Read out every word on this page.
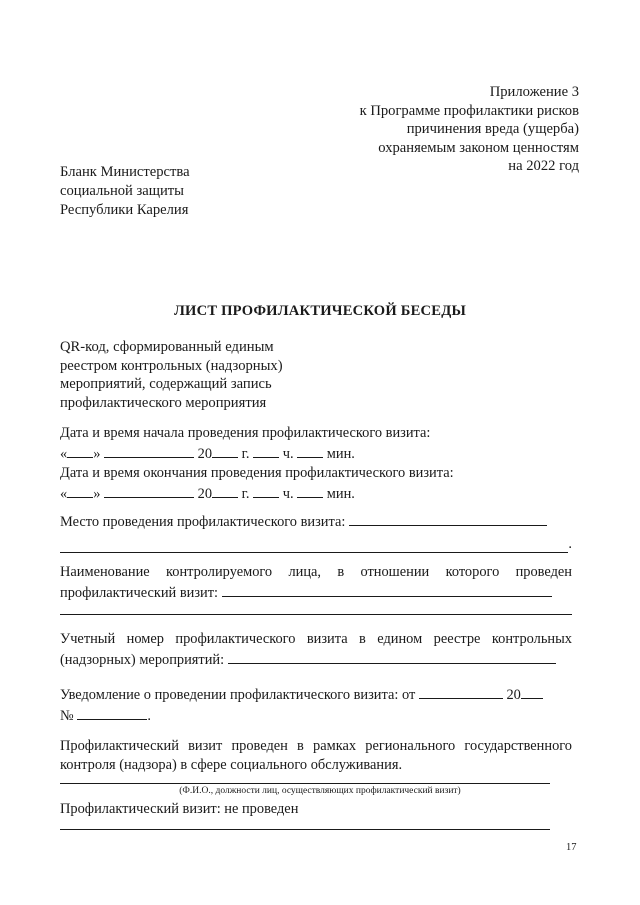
Приложение 3
к Программе профилактики рисков
причинения вреда (ущерба)
охраняемым законом ценностям
на 2022 год
Бланк Министерства
социальной защиты
Республики Карелия
ЛИСТ ПРОФИЛАКТИЧЕСКОЙ БЕСЕДЫ
QR-код, сформированный единым
реестром контрольных (надзорных)
мероприятий, содержащий запись
профилактического мероприятия
Дата и время начала проведения профилактического визита:
« »	20 г. ч. мин.
Дата и время окончания проведения профилактического визита:
« »	20 г. ч. мин.
Место проведения профилактического визита:
.
Наименование контролируемого лица, в отношении которого проведен
профилактический визит:
Учетный номер профилактического визита в едином реестре контрольных
(надзорных) мероприятий:
Уведомление о проведении профилактического визита: от	20
№	.
Профилактический визит проведен в рамках регионального государственного
контроля (надзора) в сфере социального обслуживания.
(Ф.И.О., должности лиц, осуществляющих профилактический визит)
Профилактический визит: не проведен
17
